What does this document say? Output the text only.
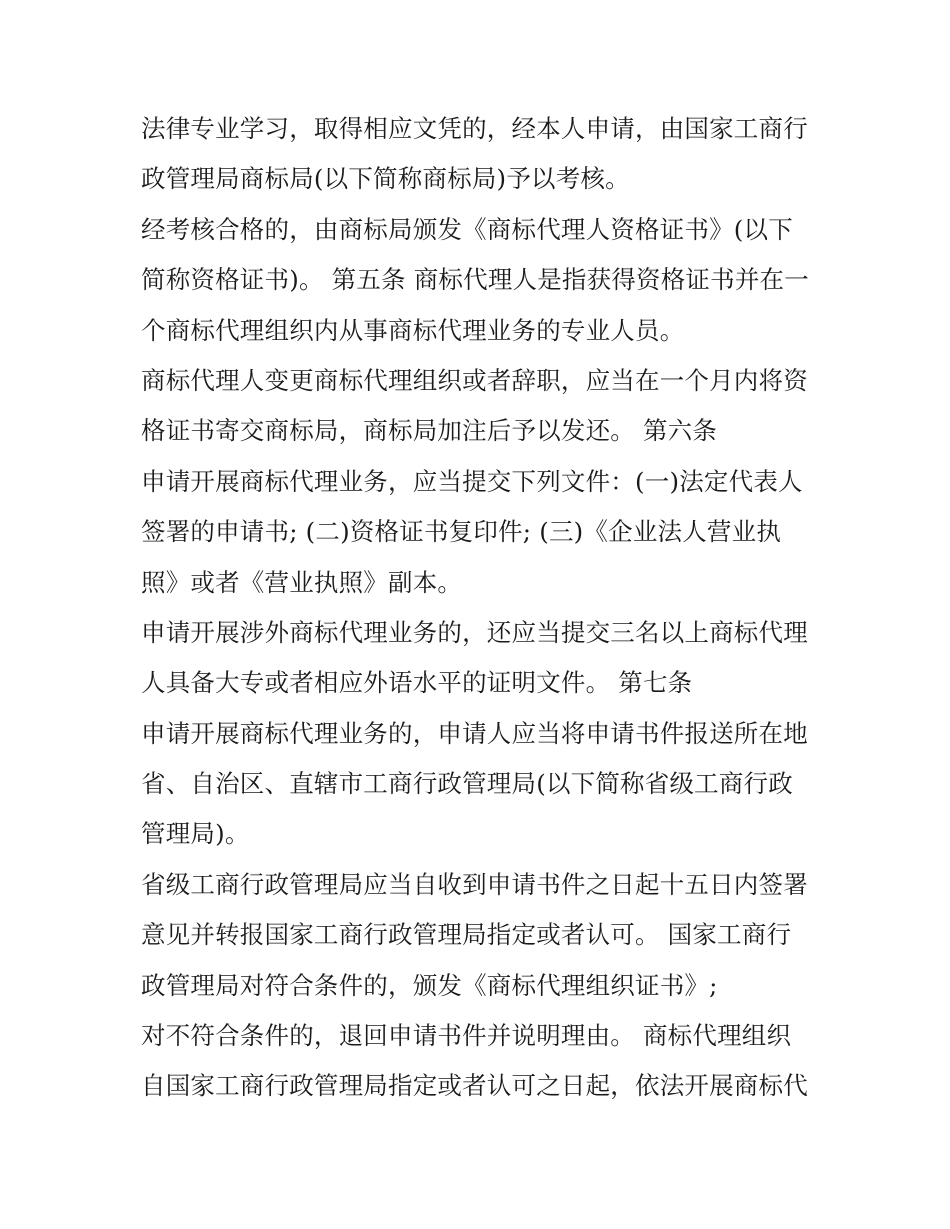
法律专业学习，取得相应文凭的，经本人申请，由国家工商行
政管理局商标局(以下简称商标局)予以考核。
经考核合格的，由商标局颁发《商标代理人资格证书》(以下
简称资格证书)。 第五条 商标代理人是指获得资格证书并在一
个商标代理组织内从事商标代理业务的专业人员。
商标代理人变更商标代理组织或者辞职，应当在一个月内将资
格证书寄交商标局，商标局加注后予以发还。 第六条
申请开展商标代理业务，应当提交下列文件：(一)法定代表人
签署的申请书; (二)资格证书复印件; (三)《企业法人营业执
照》或者《营业执照》副本。
申请开展涉外商标代理业务的，还应当提交三名以上商标代理
人具备大专或者相应外语水平的证明文件。 第七条
申请开展商标代理业务的，申请人应当将申请书件报送所在地
省、自治区、直辖市工商行政管理局(以下简称省级工商行政
管理局)。
省级工商行政管理局应当自收到申请书件之日起十五日内签署
意见并转报国家工商行政管理局指定或者认可。 国家工商行
政管理局对符合条件的，颁发《商标代理组织证书》;
对不符合条件的，退回申请书件并说明理由。 商标代理组织
自国家工商行政管理局指定或者认可之日起，依法开展商标代
